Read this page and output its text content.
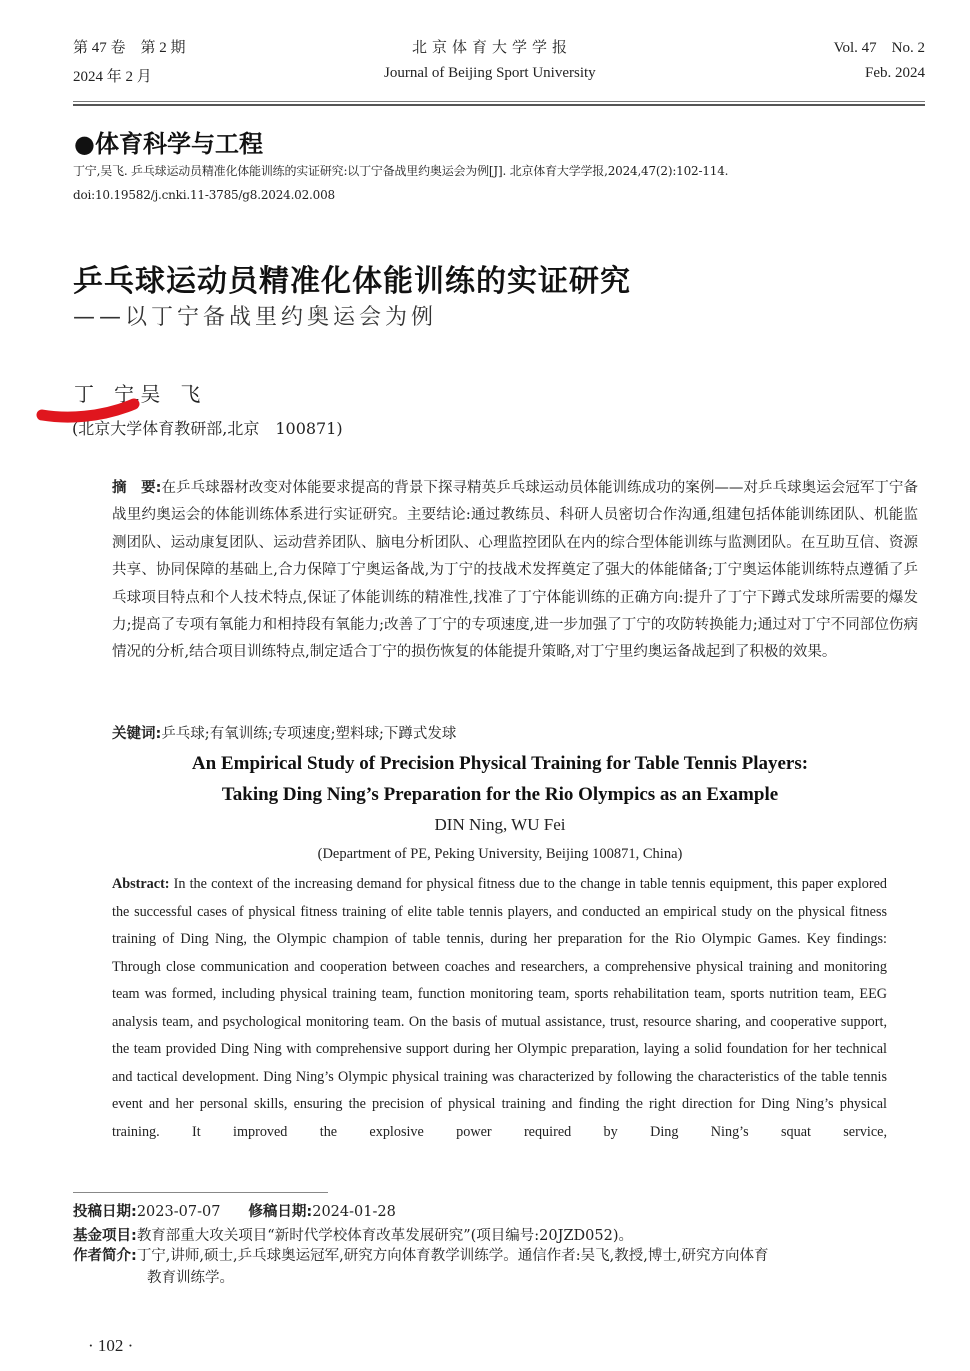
第 47 卷　第 2 期
2024 年 2 月
北京体育大学学报
Journal of Beijing Sport University
Vol. 47　No. 2
Feb. 2024
●体育科学与工程
丁宁,吴飞. 乒乓球运动员精准化体能训练的实证研究:以丁宁备战里约奥运会为例[J]. 北京体育大学学报,2024,47(2):102-114.
doi:10.19582/j.cnki.11-3785/g8.2024.02.008
乒乓球运动员精准化体能训练的实证研究
——以丁宁备战里约奥运会为例
丁　宁,吴　飞
(北京大学体育教研部,北京　100871)
摘　要:在乒乓球器材改变对体能要求提高的背景下探寻精英乒乓球运动员体能训练成功的案例——对乒乓球奥运会冠军丁宁备战里约奥运会的体能训练体系进行实证研究。主要结论:通过教练员、科研人员密切合作沟通,组建包括体能训练团队、机能监测团队、运动康复团队、运动营养团队、脑电分析团队、心理监控团队在内的综合型体能训练与监测团队。在互助互信、资源共享、协同保障的基础上,合力保障丁宁奥运备战,为丁宁的技战术发挥奠定了强大的体能储备;丁宁奥运体能训练特点遵循了乒乓球项目特点和个人技术特点,保证了体能训练的精准性,找准了丁宁体能训练的正确方向:提升了丁宁下蹲式发球所需要的爆发力;提高了专项有氧能力和相持段有氧能力;改善了丁宁的专项速度,进一步加强了丁宁的攻防转换能力;通过对丁宁不同部位伤病情况的分析,结合项目训练特点,制定适合丁宁的损伤恢复的体能提升策略,对丁宁里约奥运备战起到了积极的效果。
关键词:乒乓球;有氧训练;专项速度;塑料球;下蹲式发球
An Empirical Study of Precision Physical Training for Table Tennis Players:
Taking Ding Ning’s Preparation for the Rio Olympics as an Example
DIN Ning, WU Fei
(Department of PE, Peking University, Beijing 100871, China)
Abstract: In the context of the increasing demand for physical fitness due to the change in table tennis equipment, this paper explored the successful cases of physical fitness training of elite table tennis players, and conducted an empirical study on the physical fitness training of Ding Ning, the Olympic champion of table tennis, during her preparation for the Rio Olympic Games. Key findings: Through close communication and cooperation between coaches and researchers, a comprehensive physical training and monitoring team was formed, including physical training team, function monitoring team, sports rehabilitation team, sports nutrition team, EEG analysis team, and psychological monitoring team. On the basis of mutual assistance, trust, resource sharing, and cooperative support, the team provided Ding Ning with comprehensive support during her Olympic preparation, laying a solid foundation for her technical and tactical development. Ding Ning’s Olympic physical training was characterized by following the characteristics of the table tennis event and her personal skills, ensuring the precision of physical training and finding the right direction for Ding Ning’s physical training. It improved the explosive power required by Ding Ning’s squat service,
投稿日期:2023-07-07 修稿日期:2024-01-28
基金项目:教育部重大攻关项目“新时代学校体育改革发展研究”(项目编号:20JZD052)。
作者简介:丁宁,讲师,硕士,乒乓球奥运冠军,研究方向体育教学训练学。通信作者:吴飞,教授,博士,研究方向体育
教育训练学。
· 102 ·
